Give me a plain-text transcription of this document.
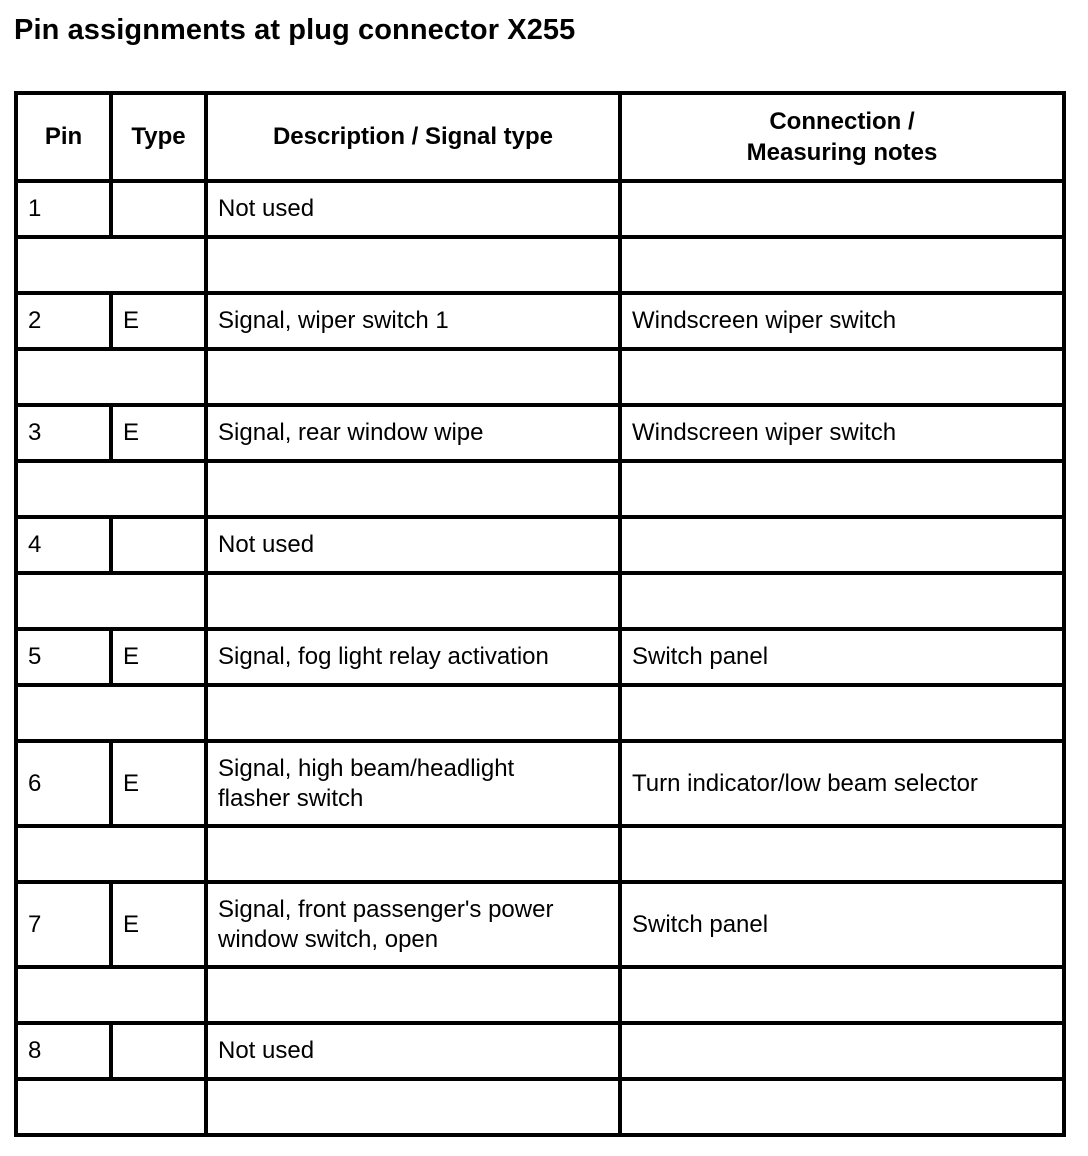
Pin assignments at plug connector X255
Pin	Type	Description / Signal type	Connection /
Measuring notes
1		Not used	

2	E	Signal, wiper switch 1	Windscreen wiper switch

3	E	Signal, rear window wipe	Windscreen wiper switch

4		Not used	

5	E	Signal, fog light relay activation	Switch panel

6	E	Signal, high beam/headlight
flasher switch	Turn indicator/low beam selector

7	E	Signal, front passenger's power
window switch, open	Switch panel

8		Not used	
